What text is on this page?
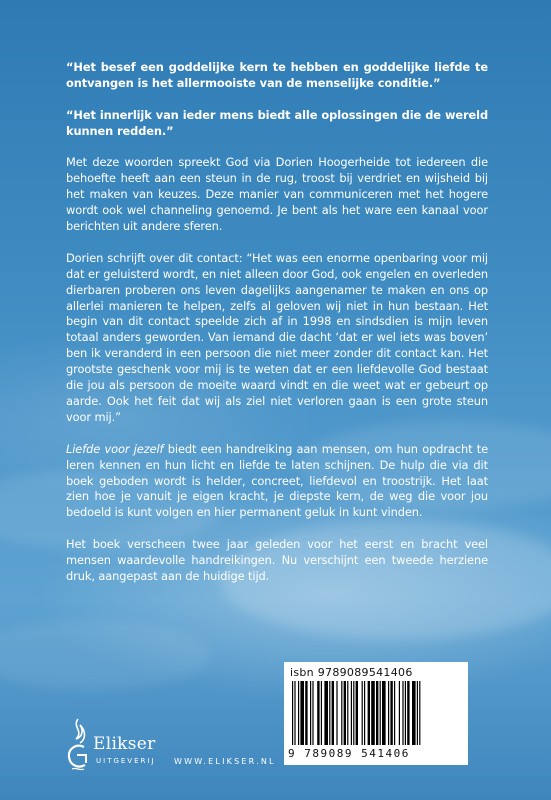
“Het besef een goddelijke kern te hebben en goddelijke liefde te ontvangen is het allermooiste van de menselijke conditie.”

“Het innerlijk van ieder mens biedt alle oplossingen die de wereld kunnen redden.”

Met deze woorden spreekt God via Dorien Hoogerheide tot iedereen die behoefte heeft aan een steun in de rug, troost bij verdriet en wijsheid bij het maken van keuzes. Deze manier van communiceren met het hogere wordt ook wel channeling genoemd. Je bent als het ware een kanaal voor berichten uit andere sferen.

Dorien schrijft over dit contact: “Het was een enorme openbaring voor mij dat er geluisterd wordt, en niet alleen door God, ook engelen en overleden dierbaren proberen ons leven dagelijks aangenamer te maken en ons op allerlei manieren te helpen, zelfs al geloven wij niet in hun bestaan. Het begin van dit contact speelde zich af in 1998 en sindsdien is mijn leven totaal anders geworden. Van iemand die dacht ‘dat er wel iets was boven’ ben ik veranderd in een persoon die niet meer zonder dit contact kan. Het grootste geschenk voor mij is te weten dat er een liefdevolle God bestaat die jou als persoon de moeite waard vindt en die weet wat er gebeurt op aarde. Ook het feit dat wij als ziel niet verloren gaan is een grote steun voor mij.”

Liefde voor jezelf biedt een handreiking aan mensen, om hun opdracht te leren kennen en hun licht en liefde te laten schijnen. De hulp die via dit boek geboden wordt is helder, concreet, liefdevol en troostrijk. Het laat zien hoe je vanuit je eigen kracht, je diepste kern, de weg die voor jou bedoeld is kunt volgen en hier permanent geluk in kunt vinden.

Het boek verscheen twee jaar geleden voor het eerst en bracht veel mensen waardevolle handreikingen. Nu verschijnt een tweede herziene druk, aangepast aan de huidige tijd.

isbn 9789089541406
9 789089 541406
Elikser
UITGEVERIJ WWW.ELIKSER.NL
